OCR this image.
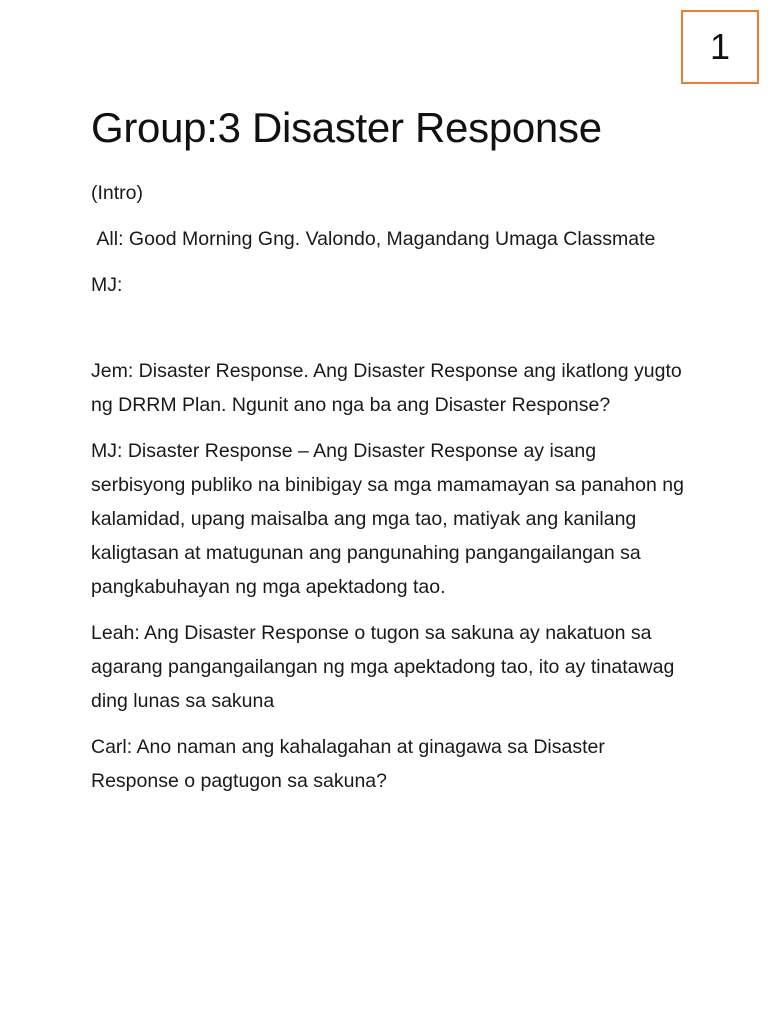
1
Group:3 Disaster Response

(Intro)

All: Good Morning Gng. Valondo, Magandang Umaga Classmate

MJ:

Jem: Disaster Response. Ang Disaster Response ang ikatlong yugto ng DRRM Plan. Ngunit ano nga ba ang Disaster Response?

MJ: Disaster Response – Ang Disaster Response ay isang serbisyong publiko na binibigay sa mga mamamayan sa panahon ng kalamidad, upang maisalba ang mga tao, matiyak ang kanilang kaligtasan at matugunan ang pangunahing pangangailangan sa pangkabuhayan ng mga apektadong tao.

Leah: Ang Disaster Response o tugon sa sakuna ay nakatuon sa agarang pangangailangan ng mga apektadong tao, ito ay tinatawag ding lunas sa sakuna

Carl: Ano naman ang kahalagahan at ginagawa sa Disaster Response o pagtugon sa sakuna?
